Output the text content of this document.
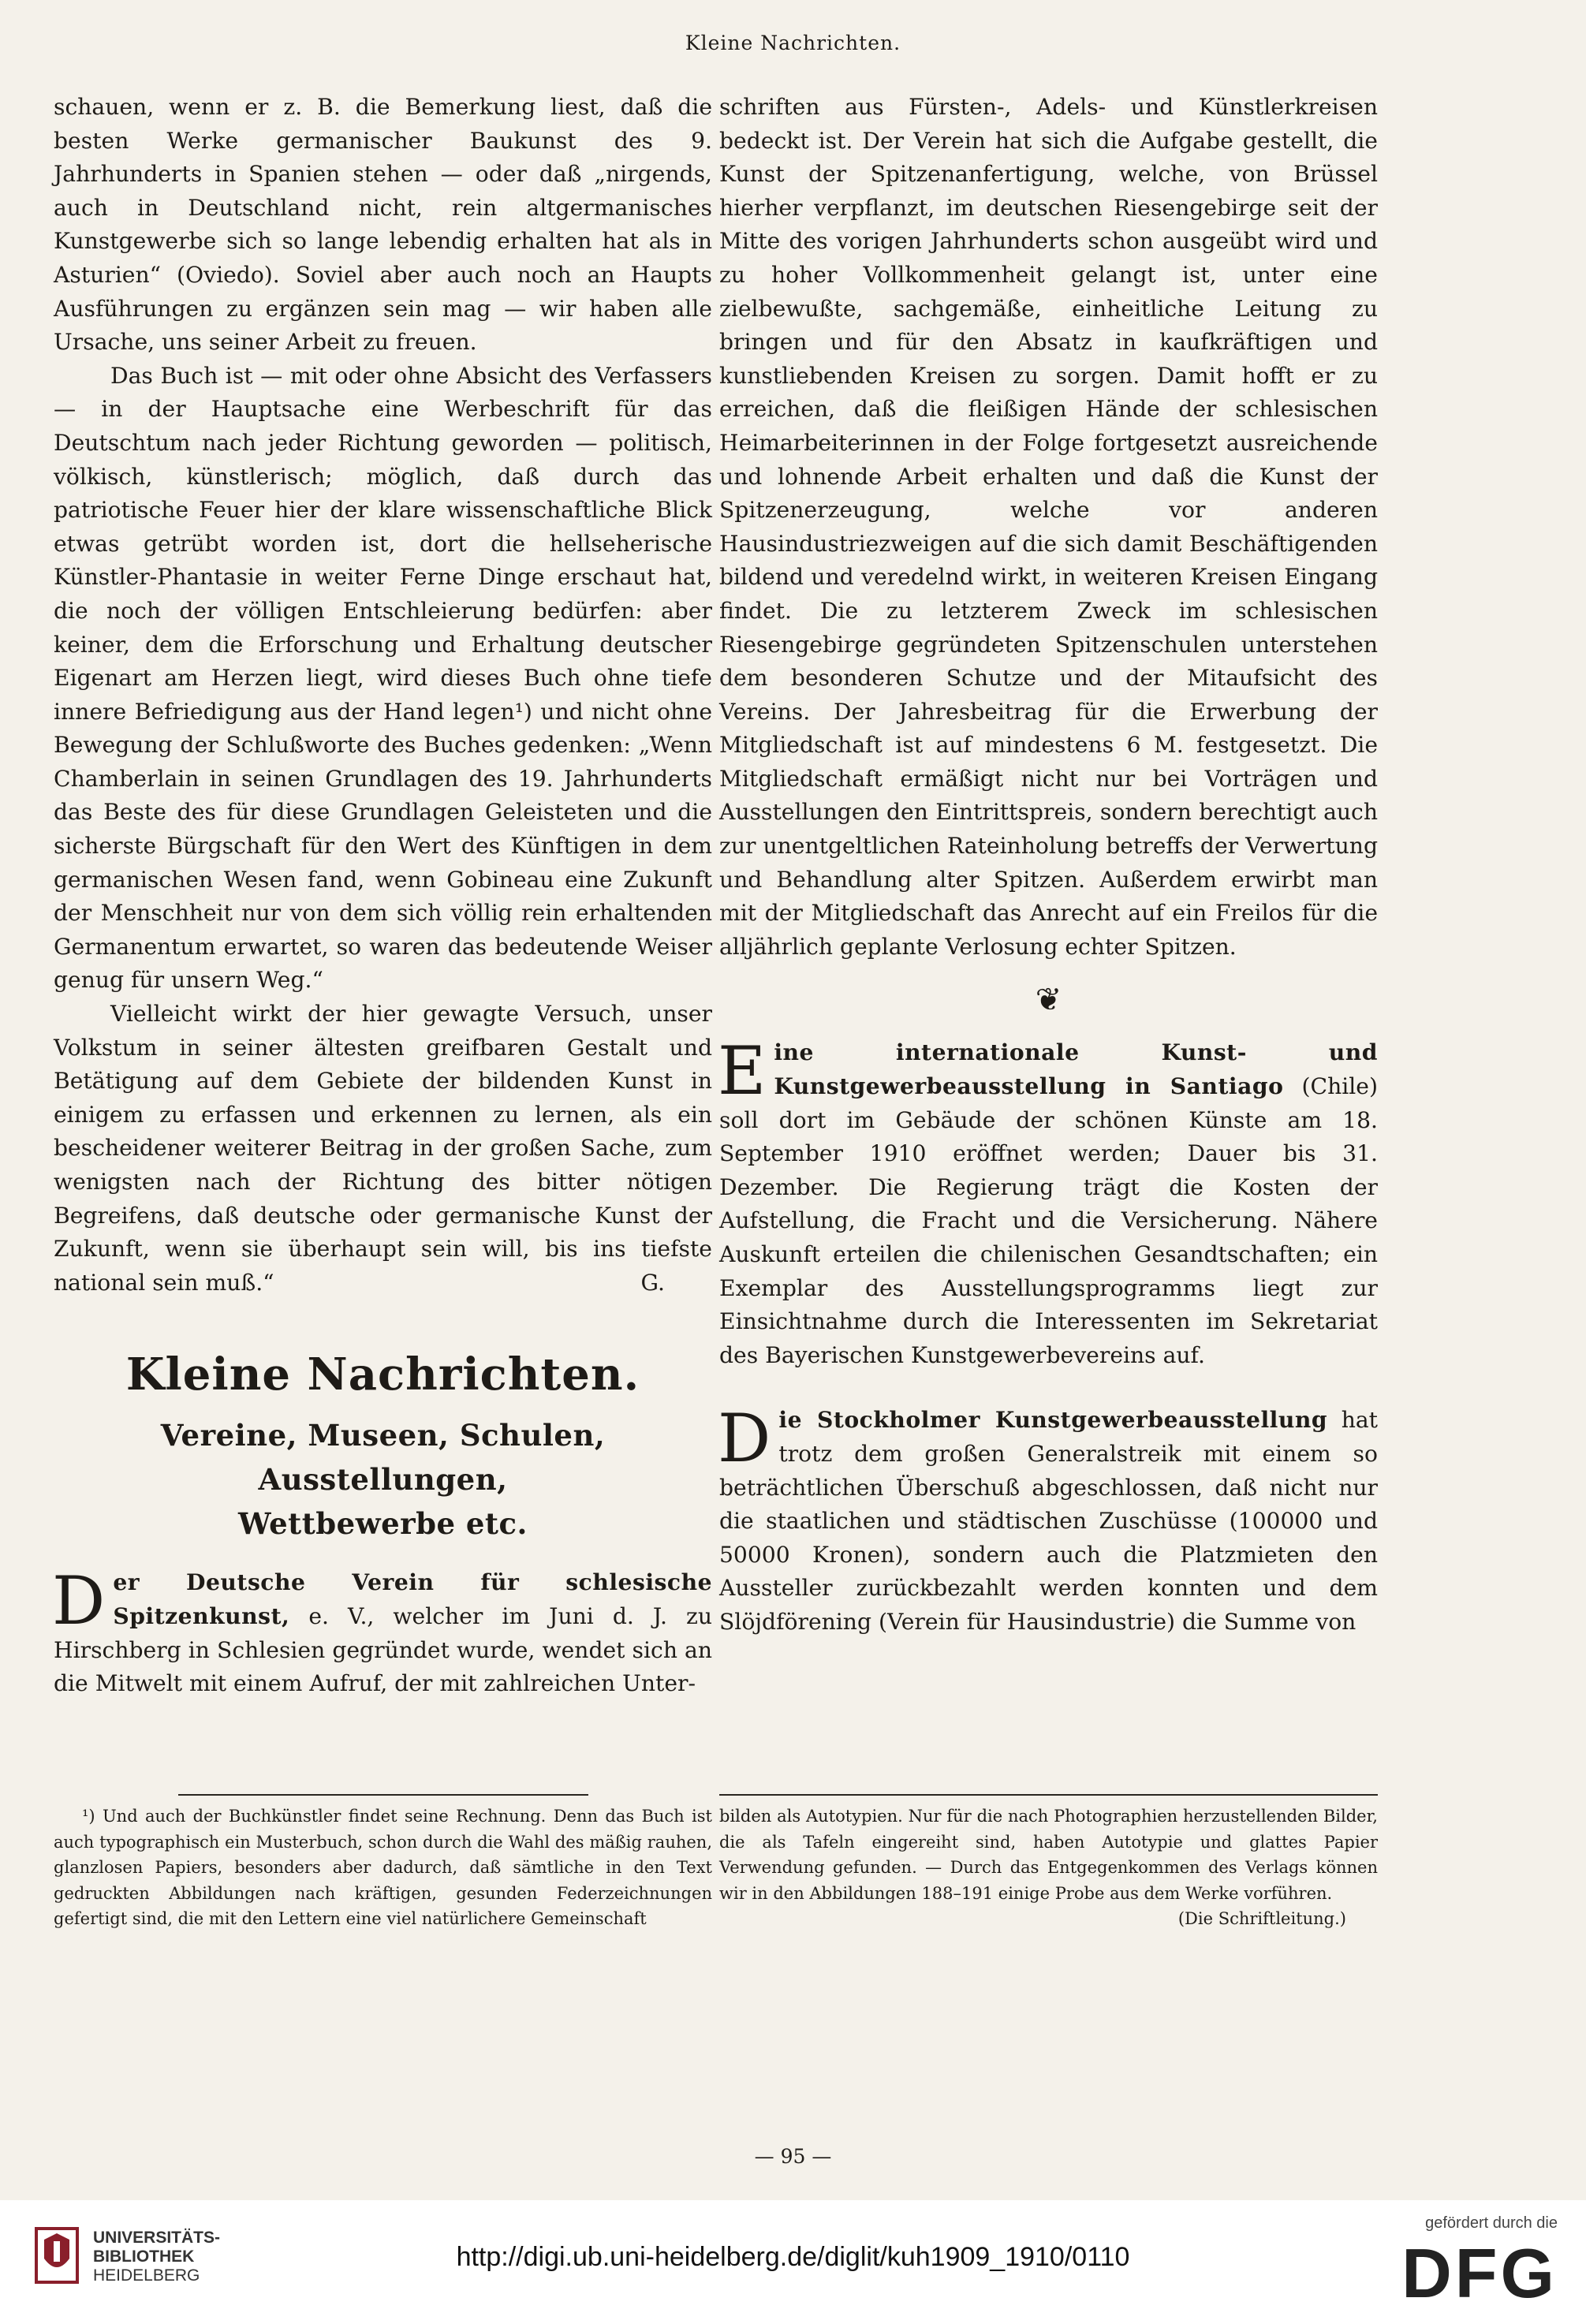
Kleine Nachrichten.

schauen, wenn er z. B. die Bemerkung liest, daß die besten Werke germanischer Baukunst des 9. Jahrhunderts in Spanien stehen — oder daß „nirgends, auch in Deutschland nicht, rein altgermanisches Kunstgewerbe sich so lange lebendig erhalten hat als in Asturien“ (Oviedo). Soviel aber auch noch an Haupts Ausführungen zu ergänzen sein mag — wir haben alle Ursache, uns seiner Arbeit zu freuen.

Das Buch ist — mit oder ohne Absicht des Verfassers — in der Hauptsache eine Werbeschrift für das Deutschtum nach jeder Richtung geworden — politisch, völkisch, künstlerisch; möglich, daß durch das patriotische Feuer hier der klare wissenschaftliche Blick etwas getrübt worden ist, dort die hellseherische Künstler-Phantasie in weiter Ferne Dinge erschaut hat, die noch der völligen Entschleierung bedürfen: aber keiner, dem die Erforschung und Erhaltung deutscher Eigenart am Herzen liegt, wird dieses Buch ohne tiefe innere Befriedigung aus der Hand legen¹) und nicht ohne Bewegung der Schlußworte des Buches gedenken: „Wenn Chamberlain in seinen Grundlagen des 19. Jahrhunderts das Beste des für diese Grundlagen Geleisteten und die sicherste Bürgschaft für den Wert des Künftigen in dem germanischen Wesen fand, wenn Gobineau eine Zukunft der Menschheit nur von dem sich völlig rein erhaltenden Germanentum erwartet, so waren das bedeutende Weiser genug für unsern Weg.“

Vielleicht wirkt der hier gewagte Versuch, unser Volkstum in seiner ältesten greifbaren Gestalt und Betätigung auf dem Gebiete der bildenden Kunst in einigem zu erfassen und erkennen zu lernen, als ein bescheidener weiterer Beitrag in der großen Sache, zum wenigsten nach der Richtung des bitter nötigen Begreifens, daß deutsche oder germanische Kunst der Zukunft, wenn sie überhaupt sein will, bis ins tiefste national sein muß.“	G.

Kleine Nachrichten.
Vereine, Museen, Schulen, Ausstellungen,
Wettbewerbe etc.

Der Deutsche Verein für schlesische Spitzenkunst, e. V., welcher im Juni d. J. zu Hirschberg in Schlesien gegründet wurde, wendet sich an die Mitwelt mit einem Aufruf, der mit zahlreichen Unter-

schriften aus Fürsten-, Adels- und Künstlerkreisen bedeckt ist. Der Verein hat sich die Aufgabe gestellt, die Kunst der Spitzenanfertigung, welche, von Brüssel hierher verpflanzt, im deutschen Riesengebirge seit der Mitte des vorigen Jahrhunderts schon ausgeübt wird und zu hoher Vollkommenheit gelangt ist, unter eine zielbewußte, sachgemäße, einheitliche Leitung zu bringen und für den Absatz in kaufkräftigen und kunstliebenden Kreisen zu sorgen. Damit hofft er zu erreichen, daß die fleißigen Hände der schlesischen Heimarbeiterinnen in der Folge fortgesetzt ausreichende und lohnende Arbeit erhalten und daß die Kunst der Spitzenerzeugung, welche vor anderen Hausindustriezweigen auf die sich damit Beschäftigenden bildend und veredelnd wirkt, in weiteren Kreisen Eingang findet. Die zu letzterem Zweck im schlesischen Riesengebirge gegründeten Spitzenschulen unterstehen dem besonderen Schutze und der Mitaufsicht des Vereins. Der Jahresbeitrag für die Erwerbung der Mitgliedschaft ist auf mindestens 6 M. festgesetzt. Die Mitgliedschaft ermäßigt nicht nur bei Vorträgen und Ausstellungen den Eintrittspreis, sondern berechtigt auch zur unentgeltlichen Rateinholung betreffs der Verwertung und Behandlung alter Spitzen. Außerdem erwirbt man mit der Mitgliedschaft das Anrecht auf ein Freilos für die alljährlich geplante Verlosung echter Spitzen.

❦

Eine internationale Kunst- und Kunstgewerbeausstellung in Santiago (Chile) soll dort im Gebäude der schönen Künste am 18. September 1910 eröffnet werden; Dauer bis 31. Dezember. Die Regierung trägt die Kosten der Aufstellung, die Fracht und die Versicherung. Nähere Auskunft erteilen die chilenischen Gesandtschaften; ein Exemplar des Ausstellungsprogramms liegt zur Einsichtnahme durch die Interessenten im Sekretariat des Bayerischen Kunstgewerbevereins auf.

Die Stockholmer Kunstgewerbeausstellung hat trotz dem großen Generalstreik mit einem so beträchtlichen Überschuß abgeschlossen, daß nicht nur die staatlichen und städtischen Zuschüsse (100000 und 50000 Kronen), sondern auch die Platzmieten den Aussteller zurückbezahlt werden konnten und dem Slöjdförening (Verein für Hausindustrie) die Summe von

¹) Und auch der Buchkünstler findet seine Rechnung. Denn das Buch ist auch typographisch ein Musterbuch, schon durch die Wahl des mäßig rauhen, glanzlosen Papiers, besonders aber dadurch, daß sämtliche in den Text gedruckten Abbildungen nach kräftigen, gesunden Federzeichnungen gefertigt sind, die mit den Lettern eine viel natürlichere Gemeinschaft

bilden als Autotypien. Nur für die nach Photographien herzustellenden Bilder, die als Tafeln eingereiht sind, haben Autotypie und glattes Papier Verwendung gefunden. — Durch das Entgegenkommen des Verlags können wir in den Abbildungen 188–191 einige Probe aus dem Werke vorführen.

(Die Schriftleitung.)
— 95 —
UNIVERSITÄTS-
BIBLIOTHEK
HEIDELBERG
http://digi.ub.uni-heidelberg.de/diglit/kuh1909_1910/0110
gefördert durch die
DFG
